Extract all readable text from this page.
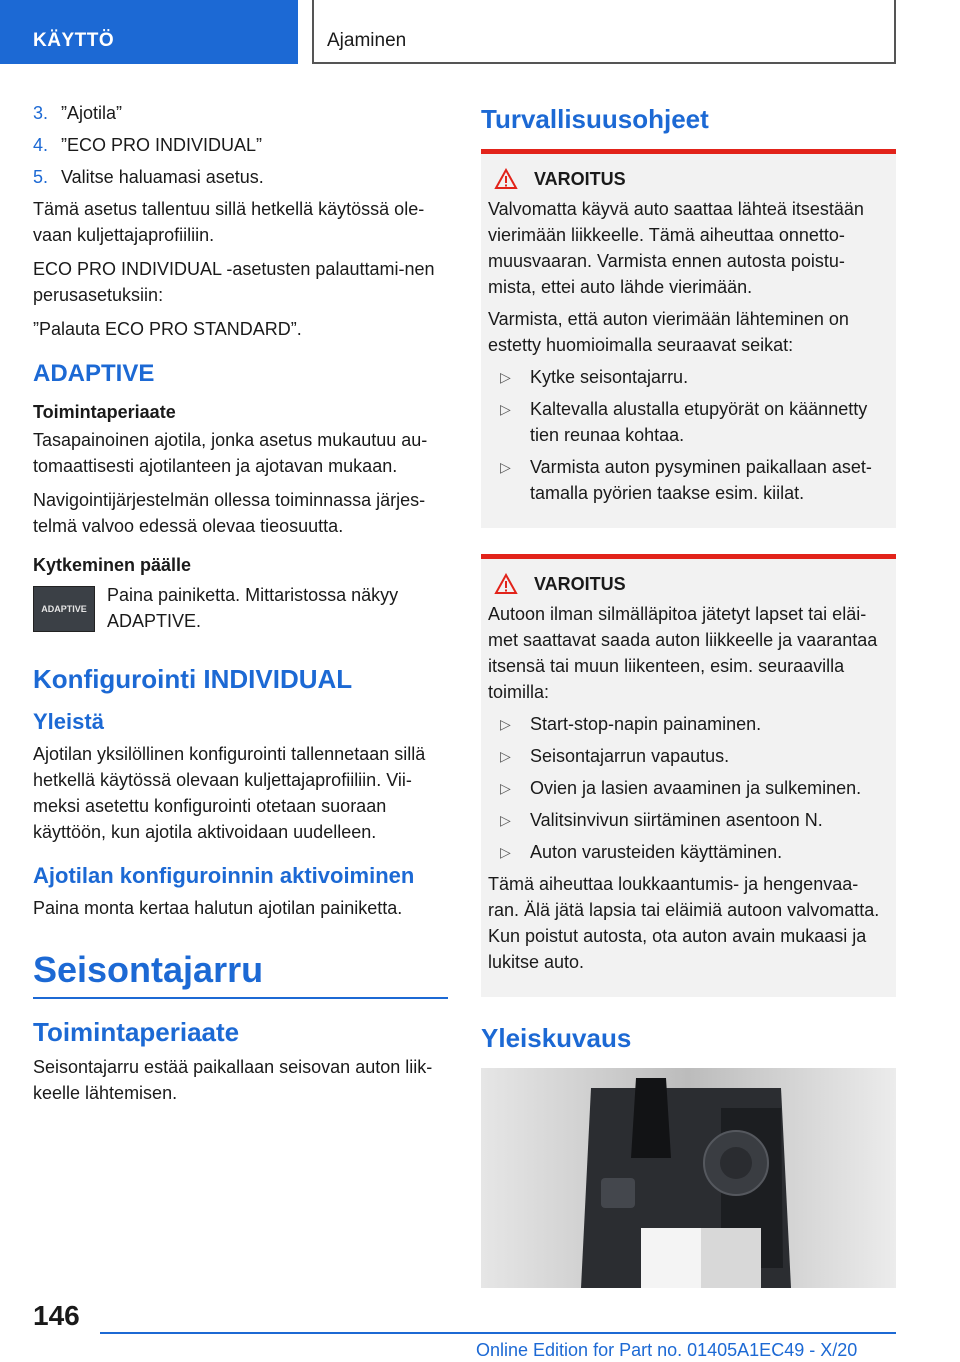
KÄYTTÖ	Ajaminen
3. ”Ajotila”
4. ”ECO PRO INDIVIDUAL”
5. Valitse haluamasi asetus.

Tämä asetus tallentuu sillä hetkellä käytössä ole-vaan kuljettajaprofiiliin.

ECO PRO INDIVIDUAL -asetusten palauttami-nen perusasetuksiin:

”Palauta ECO PRO STANDARD”.

ADAPTIVE
Toimintaperiaate

Tasapainoinen ajotila, jonka asetus mukautuu au-tomaattisesti ajotilanteen ja ajotavan mukaan.

Navigointijärjestelmän ollessa toiminnassa järjes-telmä valvoo edessä olevaa tieosuutta.

Kytkeminen päälle
ADAPTIVE

Paina painiketta. Mittaristossa näkyy ADAPTIVE.

Konfigurointi INDIVIDUAL
Yleistä

Ajotilan yksilöllinen konfigurointi tallennetaan sillä hetkellä käytössä olevaan kuljettajaprofiiliin. Vii-meksi asetettu konfigurointi otetaan suoraan käyttöön, kun ajotila aktivoidaan uudelleen.

Ajotilan konfiguroinnin aktivoiminen

Paina monta kertaa halutun ajotilan painiketta.

Seisontajarru
Toimintaperiaate

Seisontajarru estää paikallaan seisovan auton liik-keelle lähtemisen.

Turvallisuusohjeet
VAROITUS

Valvomatta käyvä auto saattaa lähteä itsestään vierimään liikkeelle. Tämä aiheuttaa onnetto-muusvaaran. Varmista ennen autosta poistu-mista, ettei auto lähde vierimään.

Varmista, että auton vierimään lähteminen on estetty huomioimalla seuraavat seikat:

▷	Kytke seisontajarru.
▷	Kaltevalla alustalla etupyörät on käännetty tien reunaa kohtaa.
▷	Varmista auton pysyminen paikallaan aset-tamalla pyörien taakse esim. kiilat.
VAROITUS

Autoon ilman silmälläpitoa jätetyt lapset tai eläi-met saattavat saada auton liikkeelle ja vaarantaa itsensä tai muun liikenteen, esim. seuraavilla toimilla:

▷	Start-stop-napin painaminen.
▷	Seisontajarrun vapautus.
▷	Ovien ja lasien avaaminen ja sulkeminen.
▷	Valitsinvivun siirtäminen asentoon N.
▷	Auton varusteiden käyttäminen.

Tämä aiheuttaa loukkaantumis- ja hengenvaa-ran. Älä jätä lapsia tai eläimiä autoon valvomatta. Kun poistut autosta, ota auton avain mukaasi ja lukitse auto.

Yleiskuvaus
146
Online Edition for Part no. 01405A1EC49 - X/20
